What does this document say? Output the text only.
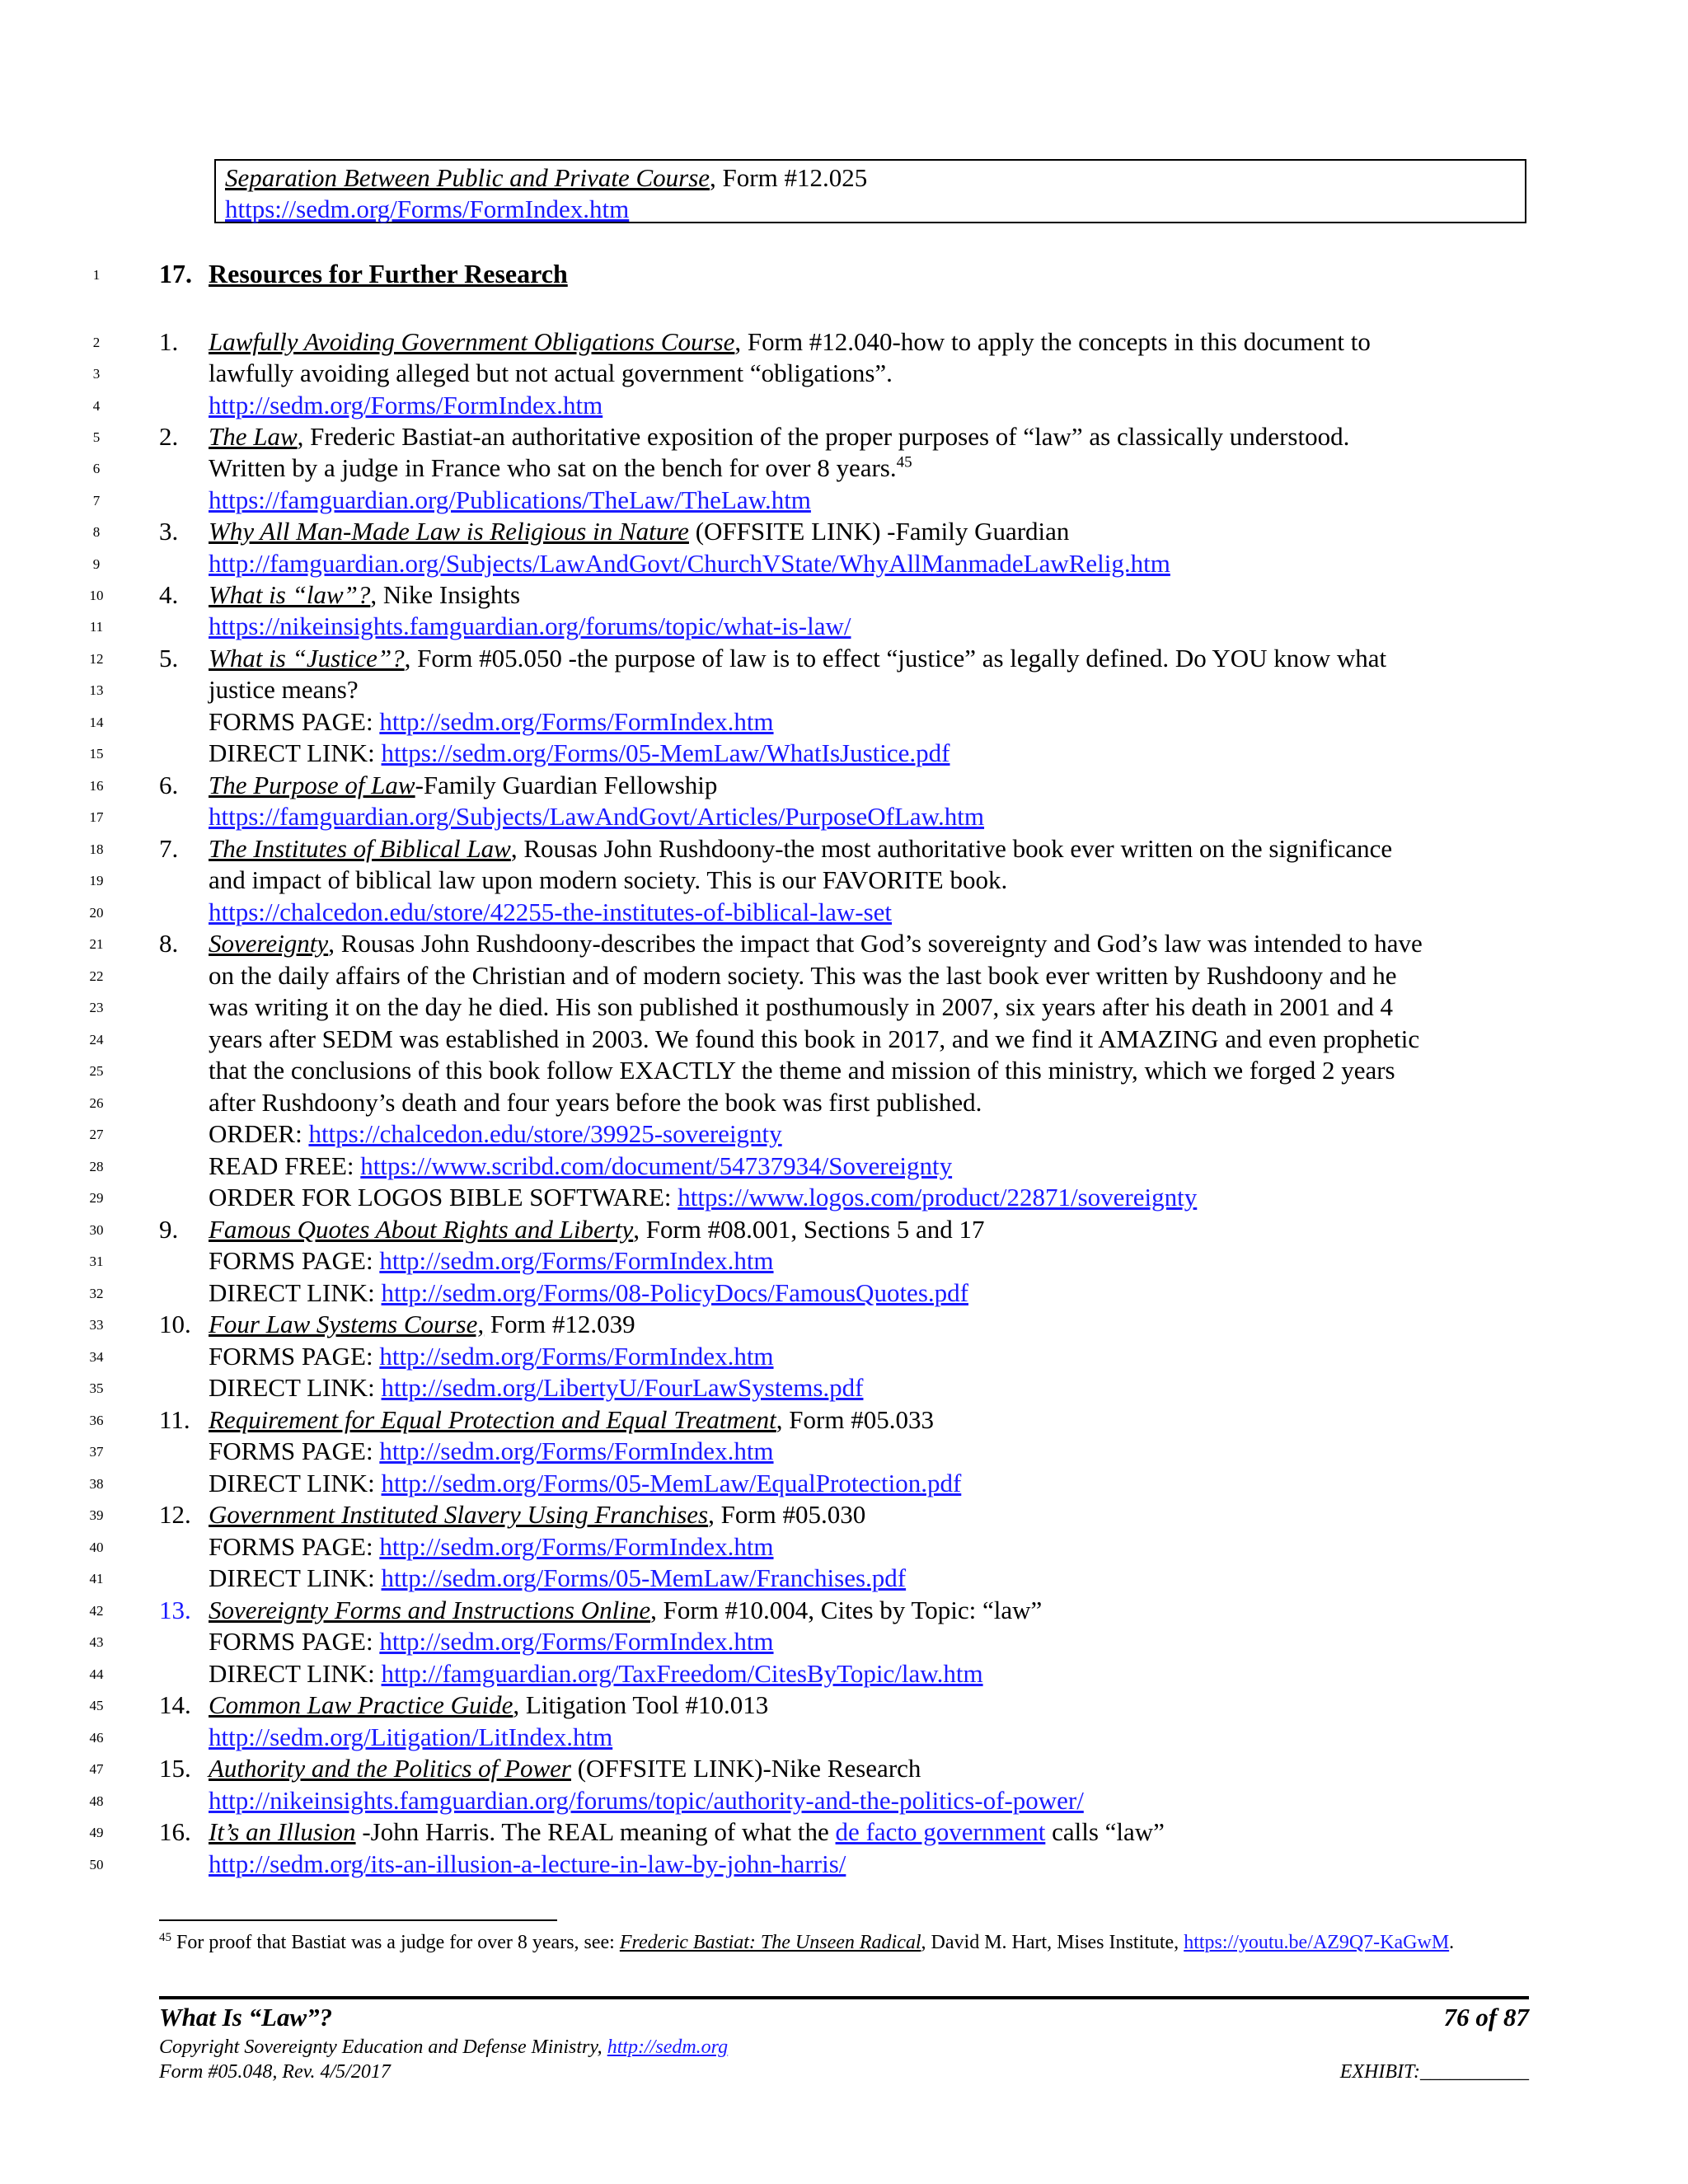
Separation Between Public and Private Course, Form #12.025
https://sedm.org/Forms/FormIndex.htm
1
2
3
4
5
6
7
8
9
10
11
12
13
14
15
16
17
18
19
20
21
22
23
24
25
26
27
28
29
30
31
32
33
34
35
36
37
38
39
40
41
42
43
44
45
46
47
48
49
50
17. Resources for Further Research
1. Lawfully Avoiding Government Obligations Course, Form #12.040-how to apply the concepts in this document to
lawfully avoiding alleged but not actual government “obligations”.
http://sedm.org/Forms/FormIndex.htm
2. The Law, Frederic Bastiat-an authoritative exposition of the proper purposes of “law” as classically understood.
Written by a judge in France who sat on the bench for over 8 years.$^{45}$
https://famguardian.org/Publications/TheLaw/TheLaw.htm
3. Why All Man-Made Law is Religious in Nature (OFFSITE LINK) -Family Guardian
http://famguardian.org/Subjects/LawAndGovt/ChurchVState/WhyAllManmadeLawRelig.htm
4. What is “law”?, Nike Insights
https://nikeinsights.famguardian.org/forums/topic/what-is-law/
5. What is “Justice”?, Form #05.050 -the purpose of law is to effect “justice” as legally defined. Do YOU know what
justice means?
FORMS PAGE: http://sedm.org/Forms/FormIndex.htm
DIRECT LINK: https://sedm.org/Forms/05-MemLaw/WhatIsJustice.pdf
6. The Purpose of Law-Family Guardian Fellowship
https://famguardian.org/Subjects/LawAndGovt/Articles/PurposeOfLaw.htm
7. The Institutes of Biblical Law, Rousas John Rushdoony-the most authoritative book ever written on the significance
and impact of biblical law upon modern society. This is our FAVORITE book.
https://chalcedon.edu/store/42255-the-institutes-of-biblical-law-set
8. Sovereignty, Rousas John Rushdoony-describes the impact that God’s sovereignty and God’s law was intended to have
on the daily affairs of the Christian and of modern society. This was the last book ever written by Rushdoony and he
was writing it on the day he died. His son published it posthumously in 2007, six years after his death in 2001 and 4
years after SEDM was established in 2003. We found this book in 2017, and we find it AMAZING and even prophetic
that the conclusions of this book follow EXACTLY the theme and mission of this ministry, which we forged 2 years
after Rushdoony’s death and four years before the book was first published.
ORDER: https://chalcedon.edu/store/39925-sovereignty
READ FREE: https://www.scribd.com/document/54737934/Sovereignty
ORDER FOR LOGOS BIBLE SOFTWARE: https://www.logos.com/product/22871/sovereignty
9. Famous Quotes About Rights and Liberty, Form #08.001, Sections 5 and 17
FORMS PAGE: http://sedm.org/Forms/FormIndex.htm
DIRECT LINK: http://sedm.org/Forms/08-PolicyDocs/FamousQuotes.pdf
10. Four Law Systems Course, Form #12.039
FORMS PAGE: http://sedm.org/Forms/FormIndex.htm
DIRECT LINK: http://sedm.org/LibertyU/FourLawSystems.pdf
11. Requirement for Equal Protection and Equal Treatment, Form #05.033
FORMS PAGE: http://sedm.org/Forms/FormIndex.htm
DIRECT LINK: http://sedm.org/Forms/05-MemLaw/EqualProtection.pdf
12. Government Instituted Slavery Using Franchises, Form #05.030
FORMS PAGE: http://sedm.org/Forms/FormIndex.htm
DIRECT LINK: http://sedm.org/Forms/05-MemLaw/Franchises.pdf
13. Sovereignty Forms and Instructions Online, Form #10.004, Cites by Topic: “law”
FORMS PAGE: http://sedm.org/Forms/FormIndex.htm
DIRECT LINK: http://famguardian.org/TaxFreedom/CitesByTopic/law.htm
14. Common Law Practice Guide, Litigation Tool #10.013
http://sedm.org/Litigation/LitIndex.htm
15. Authority and the Politics of Power (OFFSITE LINK)-Nike Research
http://nikeinsights.famguardian.org/forums/topic/authority-and-the-politics-of-power/
16. It’s an Illusion -John Harris. The REAL meaning of what the de facto government calls “law”
http://sedm.org/its-an-illusion-a-lecture-in-law-by-john-harris/
$^{45}$ For proof that Bastiat was a judge for over 8 years, see: Frederic Bastiat: The Unseen Radical, David M. Hart, Mises Institute, https://youtu.be/AZ9Q7-KaGwM.
What Is “Law”?	76 of 87
Copyright Sovereignty Education and Defense Ministry, http://sedm.org
Form #05.048, Rev. 4/5/2017	EXHIBIT:___________
